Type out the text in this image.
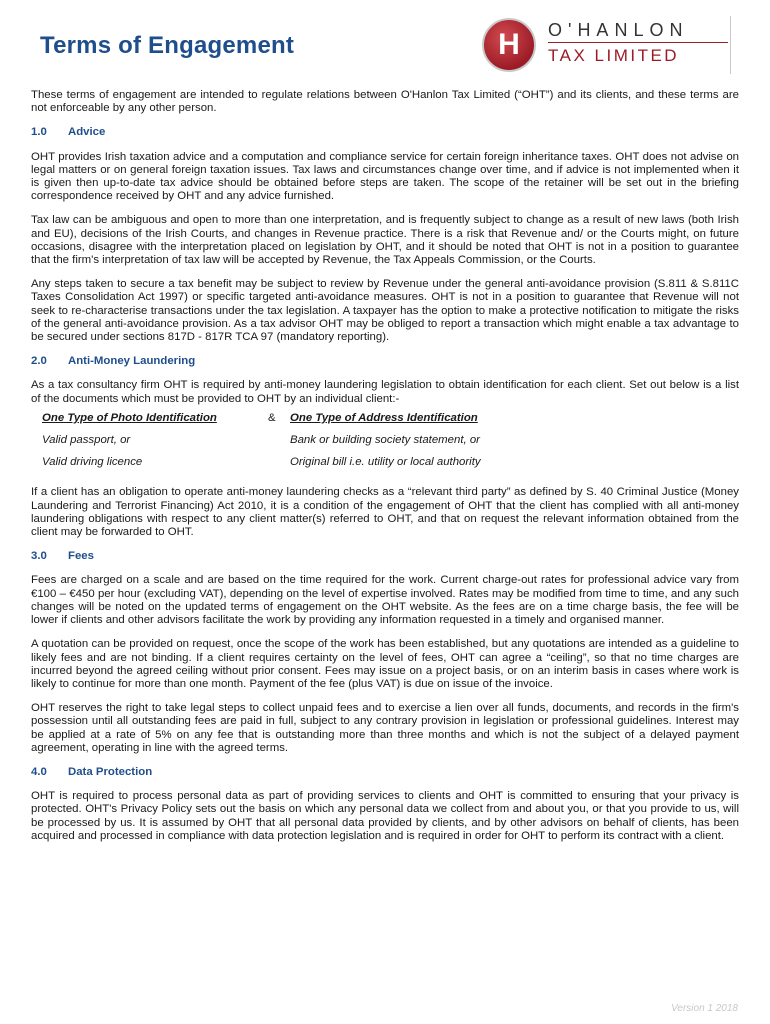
Terms of Engagement	H	O'HANLON
TAX LIMITED

These terms of engagement are intended to regulate relations between O'Hanlon Tax Limited (“OHT”) and its clients, and these terms are not enforceable by any other person.

1.0 Advice

OHT provides Irish taxation advice and a computation and compliance service for certain foreign inheritance taxes. OHT does not advise on legal matters or on general foreign taxation issues. Tax laws and circumstances change over time, and if advice is not implemented when it is given then up-to-date tax advice should be obtained before steps are taken. The scope of the retainer will be set out in the briefing correspondence received by OHT and any advice furnished.

Tax law can be ambiguous and open to more than one interpretation, and is frequently subject to change as a result of new laws (both Irish and EU), decisions of the Irish Courts, and changes in Revenue practice. There is a risk that Revenue and/ or the Courts might, on future occasions, disagree with the interpretation placed on legislation by OHT, and it should be noted that OHT is not in a position to guarantee that the firm's interpretation of tax law will be accepted by Revenue, the Tax Appeals Commission, or the Courts.

Any steps taken to secure a tax benefit may be subject to review by Revenue under the general anti-avoidance provision (S.811 & S.811C Taxes Consolidation Act 1997) or specific targeted anti-avoidance measures. OHT is not in a position to guarantee that Revenue will not seek to re-characterise transactions under the tax legislation. A taxpayer has the option to make a protective notification to mitigate the risks of the general anti-avoidance provision. As a tax advisor OHT may be obliged to report a transaction which might enable a tax advantage to be secured under sections 817D - 817R TCA 97 (mandatory reporting).

2.0 Anti-Money Laundering

As a tax consultancy firm OHT is required by anti-money laundering legislation to obtain identification for each client. Set out below is a list of the documents which must be provided to OHT by an individual client:-

One Type of Photo Identification	&	One Type of Address Identification
Valid passport, or		Bank or building society statement, or
Valid driving licence		Original bill i.e. utility or local authority

If a client has an obligation to operate anti-money laundering checks as a “relevant third party” as defined by S. 40 Criminal Justice (Money Laundering and Terrorist Financing) Act 2010, it is a condition of the engagement of OHT that the client has complied with all anti-money laundering obligations with respect to any client matter(s) referred to OHT, and that on request the relevant information obtained from the client may be forwarded to OHT.

3.0 Fees

Fees are charged on a scale and are based on the time required for the work. Current charge-out rates for professional advice vary from €100 – €450 per hour (excluding VAT), depending on the level of expertise involved. Rates may be modified from time to time, and any such changes will be noted on the updated terms of engagement on the OHT website. As the fees are on a time charge basis, the fee will be lower if clients and other advisors facilitate the work by providing any information requested in a timely and organised manner.

A quotation can be provided on request, once the scope of the work has been established, but any quotations are intended as a guideline to likely fees and are not binding. If a client requires certainty on the level of fees, OHT can agree a “ceiling”, so that no time charges are incurred beyond the agreed ceiling without prior consent. Fees may issue on a project basis, or on an interim basis in cases where work is likely to continue for more than one month. Payment of the fee (plus VAT) is due on issue of the invoice.

OHT reserves the right to take legal steps to collect unpaid fees and to exercise a lien over all funds, documents, and records in the firm's possession until all outstanding fees are paid in full, subject to any contrary provision in legislation or professional guidelines. Interest may be applied at a rate of 5% on any fee that is outstanding more than three months and which is not the subject of a delayed payment agreement, operating in line with the agreed terms.

4.0 Data Protection

OHT is required to process personal data as part of providing services to clients and OHT is committed to ensuring that your privacy is protected. OHT's Privacy Policy sets out the basis on which any personal data we collect from and about you, or that you provide to us, will be processed by us. It is assumed by OHT that all personal data provided by clients, and by other advisors on behalf of clients, has been acquired and processed in compliance with data protection legislation and is required in order for OHT to perform its contract with a client.

Version 1 2018
